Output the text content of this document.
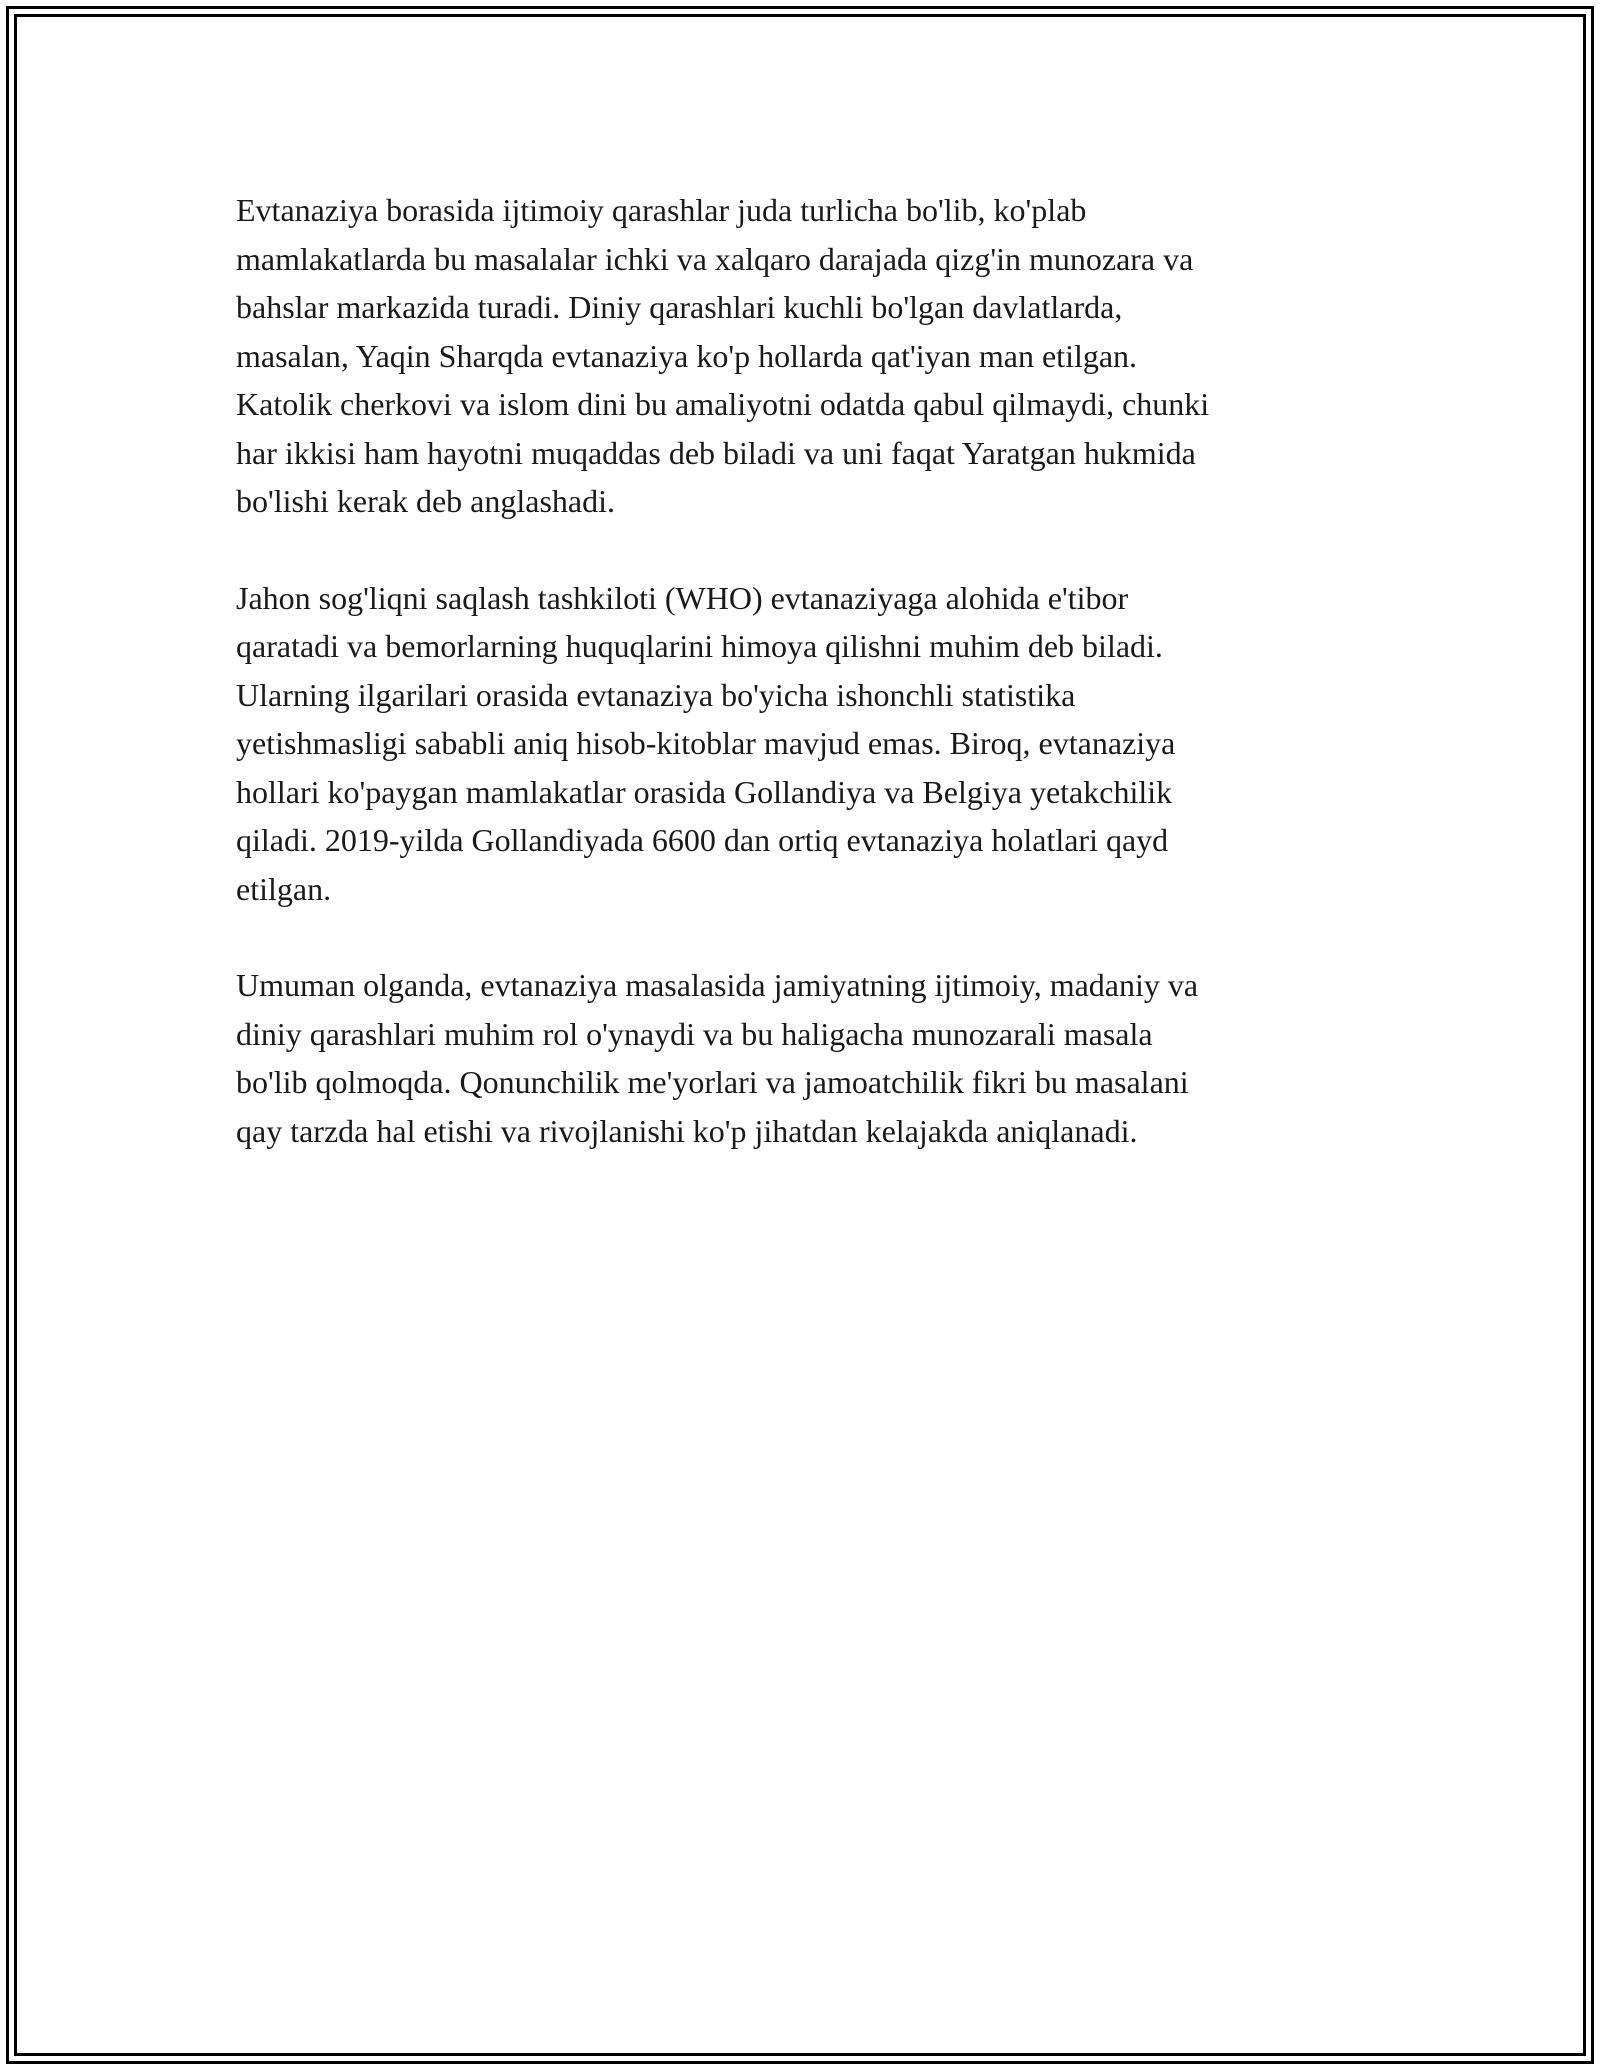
Evtanaziya borasida ijtimoiy qarashlar juda turlicha bo'lib, ko'plab
mamlakatlarda bu masalalar ichki va xalqaro darajada qizg'in munozara va
bahslar markazida turadi. Diniy qarashlari kuchli bo'lgan davlatlarda,
masalan, Yaqin Sharqda evtanaziya ko'p hollarda qat'iyan man etilgan.
Katolik cherkovi va islom dini bu amaliyotni odatda qabul qilmaydi, chunki
har ikkisi ham hayotni muqaddas deb biladi va uni faqat Yaratgan hukmida
bo'lishi kerak deb anglashadi.

Jahon sog'liqni saqlash tashkiloti (WHO) evtanaziyaga alohida e'tibor
qaratadi va bemorlarning huquqlarini himoya qilishni muhim deb biladi.
Ularning ilgarilari orasida evtanaziya bo'yicha ishonchli statistika
yetishmasligi sababli aniq hisob-kitoblar mavjud emas. Biroq, evtanaziya
hollari ko'paygan mamlakatlar orasida Gollandiya va Belgiya yetakchilik
qiladi. 2019-yilda Gollandiyada 6600 dan ortiq evtanaziya holatlari qayd
etilgan.

Umuman olganda, evtanaziya masalasida jamiyatning ijtimoiy, madaniy va
diniy qarashlari muhim rol o'ynaydi va bu haligacha munozarali masala
bo'lib qolmoqda. Qonunchilik me'yorlari va jamoatchilik fikri bu masalani
qay tarzda hal etishi va rivojlanishi ko'p jihatdan kelajakda aniqlanadi.
